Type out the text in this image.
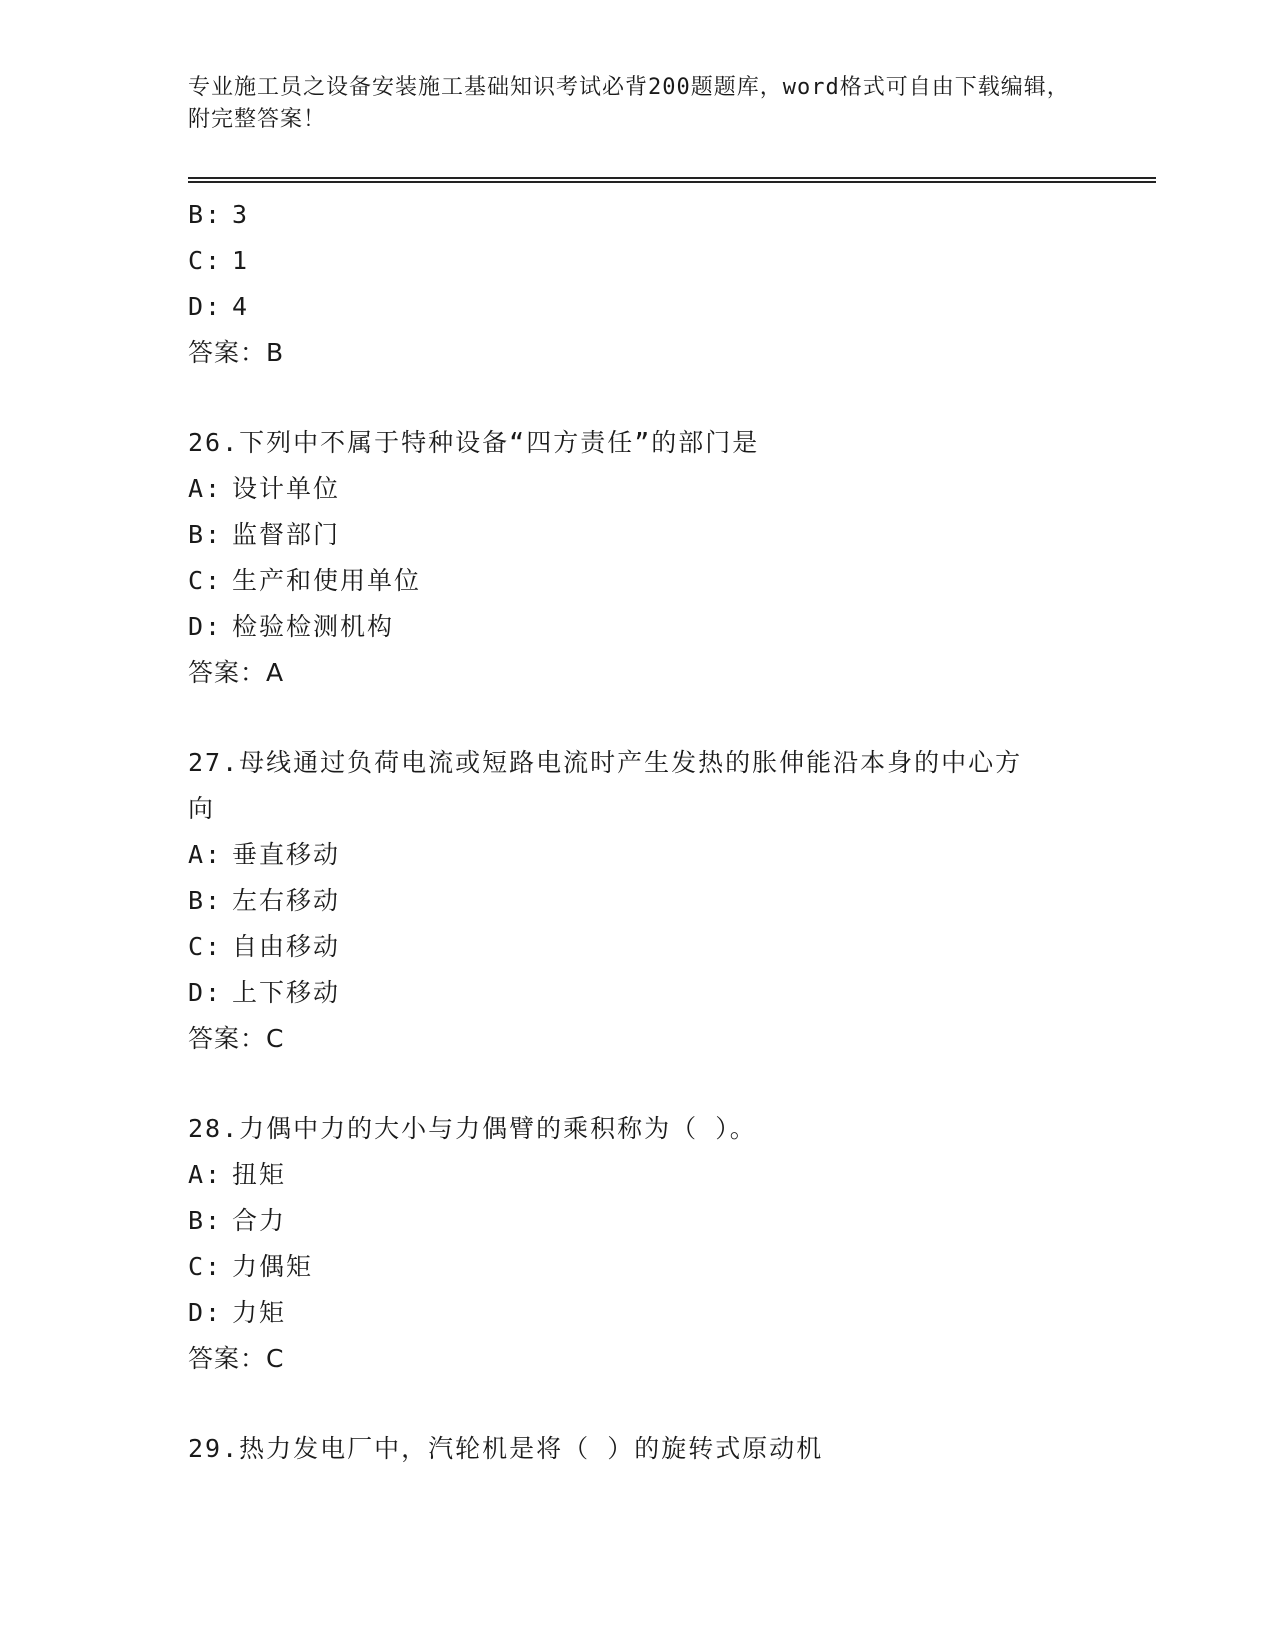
专业施工员之设备安装施工基础知识考试必背200题题库，word格式可自由下载编辑，附完整答案！
B: 3
C: 1
D: 4
答案：B
26.下列中不属于特种设备“四方责任”的部门是
A: 设计单位
B: 监督部门
C: 生产和使用单位
D: 检验检测机构
答案：A
27.母线通过负荷电流或短路电流时产生发热的胀伸能沿本身的中心方向
A: 垂直移动
B: 左右移动
C: 自由移动
D: 上下移动
答案：C
28.力偶中力的大小与力偶臂的乘积称为（ ）。
A: 扭矩
B: 合力
C: 力偶矩
D: 力矩
答案：C
29.热力发电厂中，汽轮机是将（ ）的旋转式原动机
